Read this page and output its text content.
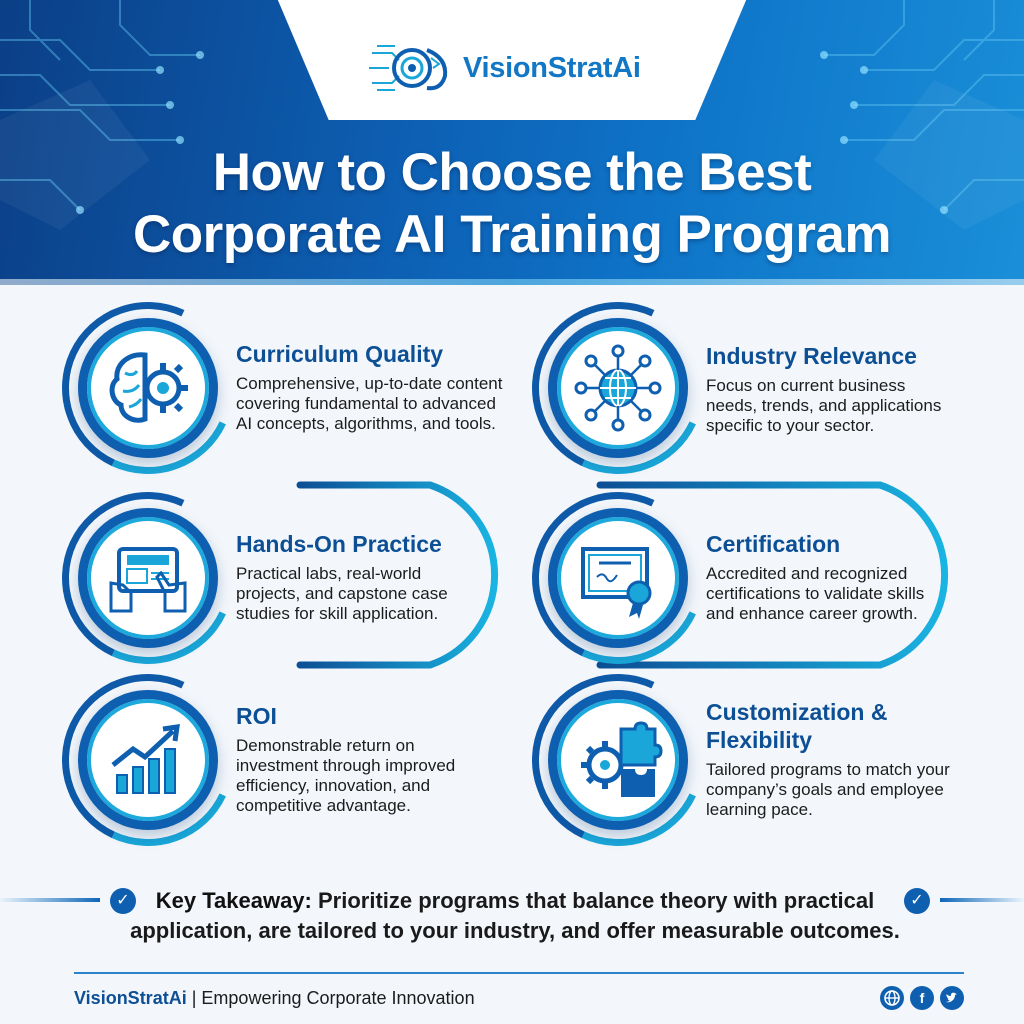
VisionStratAi
How to Choose the Best
Corporate AI Training Program
Curriculum Quality
Comprehensive, up-to-date content covering fundamental to advanced AI concepts, algorithms, and tools.
Industry Relevance
Focus on current business needs, trends, and applications specific to your sector.
Hands-On Practice
Practical labs, real-world projects, and capstone case studies for skill application.
Certification
Accredited and recognized certifications to validate skills and enhance career growth.
ROI
Demonstrable return on investment through improved efficiency, innovation, and competitive advantage.
Customization & Flexibility
Tailored programs to match your company’s goals and employee learning pace.
✓	Key Takeaway: Prioritize programs that balance theory with practical application, are tailored to your industry, and offer measurable outcomes.
✓
VisionStratAi | Empowering Corporate Innovation	f
